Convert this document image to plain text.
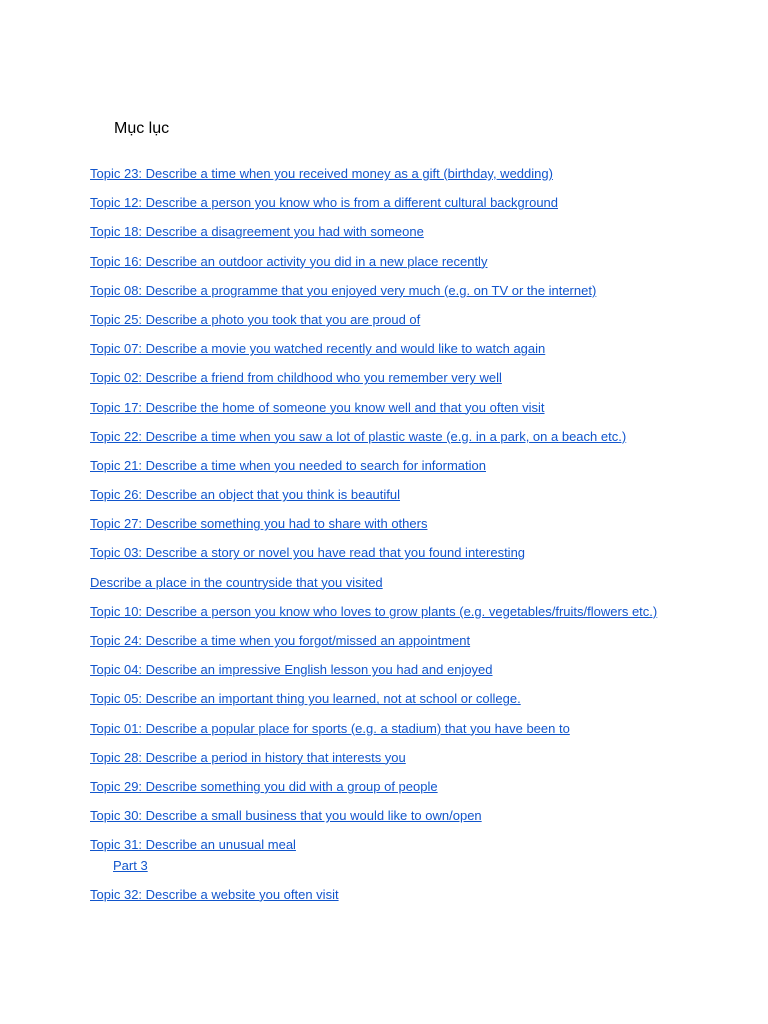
Mục lục
Topic 23: Describe a time when you received money as a gift (birthday, wedding)
Topic 12: Describe a person you know who is from a different cultural background
Topic 18: Describe a disagreement you had with someone
Topic 16: Describe an outdoor activity you did in a new place recently
Topic 08: Describe a programme that you enjoyed very much (e.g. on TV or the internet)
Topic 25: Describe a photo you took that you are proud of
Topic 07: Describe a movie you watched recently and would like to watch again
Topic 02: Describe a friend from childhood who you remember very well
Topic 17: Describe the home of someone you know well and that you often visit
Topic 22: Describe a time when you saw a lot of plastic waste (e.g. in a park, on a beach etc.)
Topic 21: Describe a time when you needed to search for information
Topic 26: Describe an object that you think is beautiful
Topic 27: Describe something you had to share with others
Topic 03: Describe a story or novel you have read that you found interesting
Describe a place in the countryside that you visited
Topic 10: Describe a person you know who loves to grow plants (e.g. vegetables/fruits/flowers etc.)
Topic 24: Describe a time when you forgot/missed an appointment
Topic 04: Describe an impressive English lesson you had and enjoyed
Topic 05: Describe an important thing you learned, not at school or college.
Topic 01: Describe a popular place for sports (e.g. a stadium) that you have been to
Topic 28: Describe a period in history that interests you
Topic 29: Describe something you did with a group of people
Topic 30: Describe a small business that you would like to own/open
Topic 31: Describe an unusual meal
Part 3
Topic 32: Describe a website you often visit
